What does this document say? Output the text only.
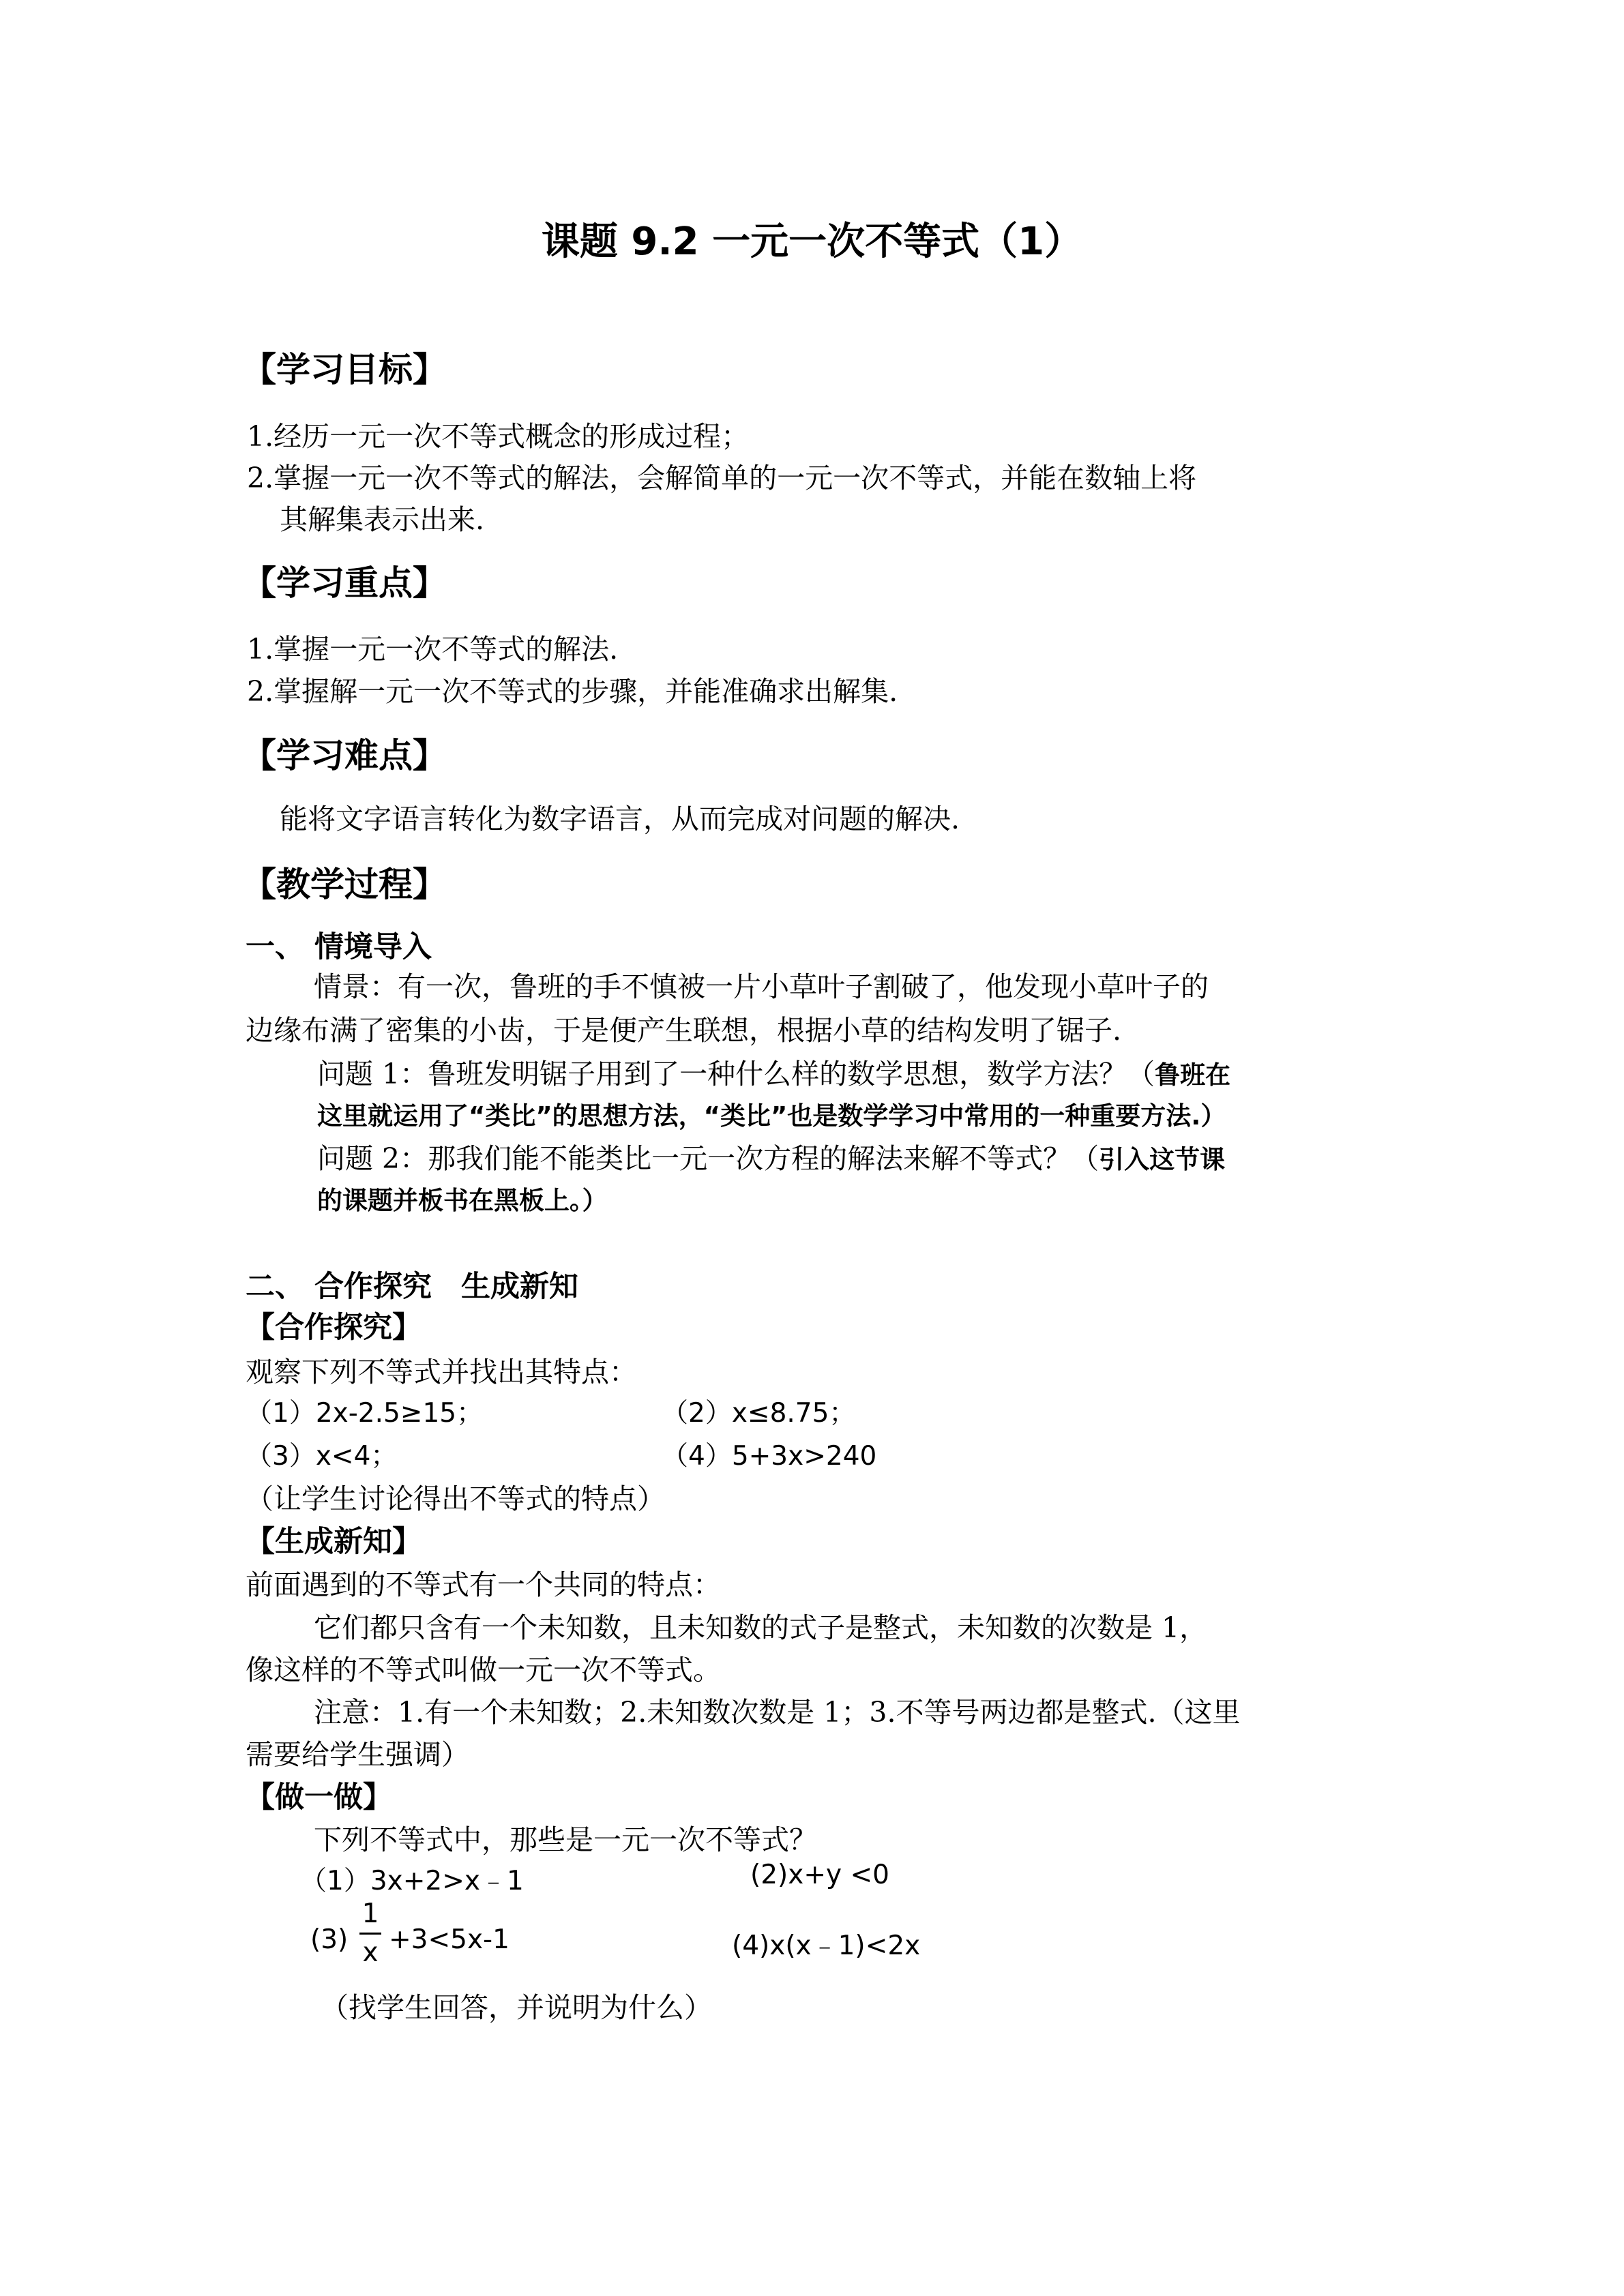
课题 9.2 一元一次不等式（1）
【学习目标】
1.经历一元一次不等式概念的形成过程；
2.掌握一元一次不等式的解法，会解简单的一元一次不等式，并能在数轴上将
其解集表示出来.
【学习重点】
1.掌握一元一次不等式的解法.
2.掌握解一元一次不等式的步骤，并能准确求出解集.
【学习难点】
能将文字语言转化为数字语言，从而完成对问题的解决.
【教学过程】
一、 情境导入
情景：有一次，鲁班的手不慎被一片小草叶子割破了，他发现小草叶子的
边缘布满了密集的小齿，于是便产生联想，根据小草的结构发明了锯子.
问题 1：鲁班发明锯子用到了一种什么样的数学思想，数学方法？（鲁班在
这里就运用了“类比”的思想方法，“类比”也是数学学习中常用的一种重要方法.）
问题 2：那我们能不能类比一元一次方程的解法来解不等式？（引入这节课
的课题并板书在黑板上。）
二、 合作探究　生成新知
【合作探究】
观察下列不等式并找出其特点：
（1）2x-2.5≥15；	（2）x≤8.75；
（3）x<4；	（4）5+3x>240
（让学生讨论得出不等式的特点）
【生成新知】
前面遇到的不等式有一个共同的特点：
它们都只含有一个未知数，且未知数的式子是整式，未知数的次数是 1，
像这样的不等式叫做一元一次不等式。
注意：1.有一个未知数；2.未知数次数是 1；3.不等号两边都是整式.（这里
需要给学生强调）
【做一做】
下列不等式中，那些是一元一次不等式？
（1）3x+2>x﹣1	(2)x+y <0
(3)
1
x +3<5x-1	(4)x(x﹣1)<2x
（找学生回答，并说明为什么）
